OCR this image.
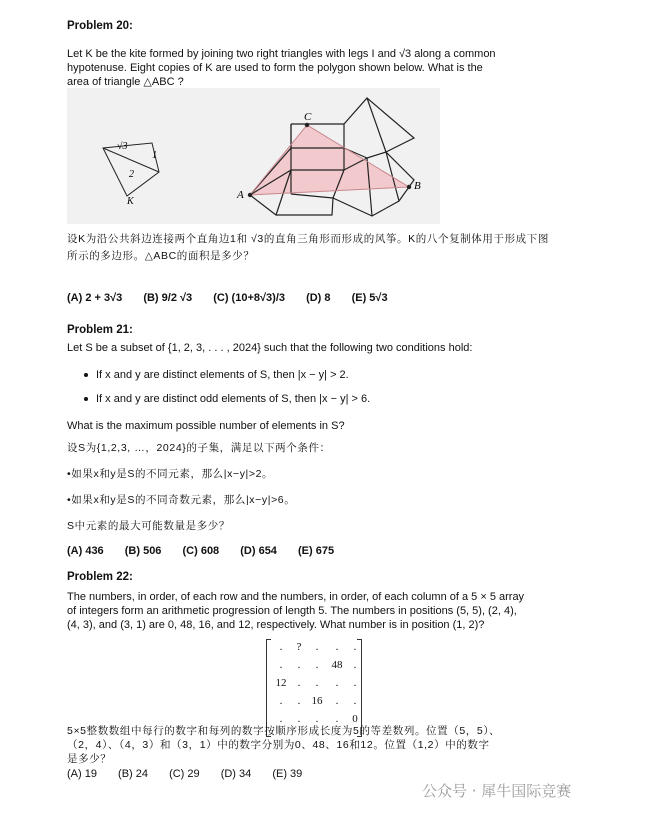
Problem 20:
Let K be the kite formed by joining two right triangles with legs I and √3 along a common
hypotenuse. Eight copies of K are used to form the polygon shown below. What is the
area of triangle △ABC ?
√3
1
2
K
C
A
B
设K为沿公共斜边连接两个直角边1和 √3的直角三角形而形成的风筝。K的八个复制体用于形成下图
所示的多边形。△ABC的面积是多少？
(A) 2 + 3√3 (B) 9/2 √3 (C) (10+8√3)/3 (D) 8 (E) 5√3
Problem 21:
Let S be a subset of {1, 2, 3, . . . , 2024} such that the following two conditions hold:
If x and y are distinct elements of S, then |x − y| > 2.
If x and y are distinct odd elements of S, then |x − y| > 6.
What is the maximum possible number of elements in S?
设S为{1,2,3, …，2024}的子集，满足以下两个条件：
•如果x和y是S的不同元素，那么|x−y|>2。
•如果x和y是S的不同奇数元素，那么|x−y|>6。
S中元素的最大可能数量是多少？
(A) 436 (B) 506 (C) 608 (D) 654 (E) 675
Problem 22:
The numbers, in order, of each row and the numbers, in order, of each column of a 5 × 5 array
of integers form an arithmetic progression of length 5. The numbers in positions (5, 5), (2, 4),
(4, 3), and (3, 1) are 0, 48, 16, and 12, respectively. What number is in position (1, 2)?
.	?	.	.	.
.	.	.	48	.
12	.	.	.	.
.	.	16	.	.
.	.	.	.	0
5×5整数数组中每行的数字和每列的数字按顺序形成长度为5的等差数列。位置（5，5）、
（2，4）、（4，3）和（3，1）中的数字分别为0、48、16和12。位置（1,2）中的数字
是多少？
(A) 19 (B) 24 (C) 29 (D) 34 (E) 39
公众号 · 犀牛国际竞赛
